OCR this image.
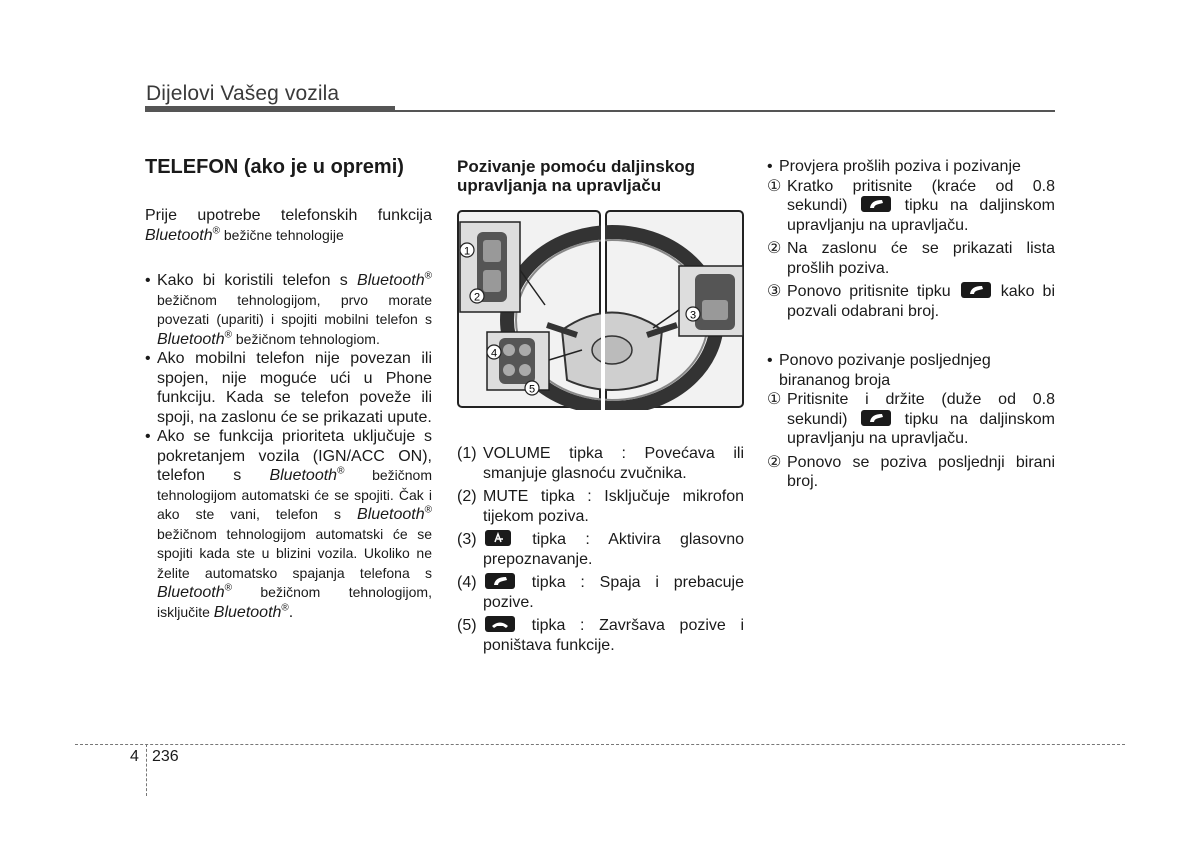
Dijelovi Vašeg vozila
TELEFON (ako je u opremi)
Prije upotrebe telefonskih funkcija Bluetooth® bežične tehnologije
• Kako bi koristili telefon s Bluetooth® bežičnom tehnologijom, prvo morate povezati (upariti) i spojiti mobilni telefon s Bluetooth® bežičnom tehnologiom.
• Ako mobilni telefon nije povezan ili spojen, nije moguće ući u Phone funkciju. Kada se telefon poveže ili spoji, na zaslonu će se prikazati upute.
• Ako se funkcija prioriteta uključuje s pokretanjem vozila (IGN/ACC ON), telefon s Bluetooth® bežičnom tehnologijom automatski će se spojiti. Čak i ako ste vani, telefon s Bluetooth® bežičnom tehnologijom automatski će se spojiti kada ste u blizini vozila. Ukoliko ne želite automatsko spajanja telefona s Bluetooth® bežičnom tehnologijom, isključite Bluetooth®.
Pozivanje pomoću daljinskog upravljanja na upravljaču
1
2
3
4
5
(1) VOLUME tipka : Povećava ili smanjuje glasnoću zvučnika.
(2) MUTE tipka : Isključuje mikrofon tijekom poziva.
(3) tipka : Aktivira glasovno prepoznavanje.
(4)	tipka : Spaja i prebacuje pozive.
(5)	tipka : Završava pozive i poništava funkcije.

• Provjera prošlih poziva i pozivanje

① Kratko pritisnite (kraće od 0.8 sekundi)
tipku na daljinskom upravljanju na upravljaču.
② Na zaslonu će se prikazati lista prošlih poziva.
③ Ponovo pritisnite tipku
kako bi pozvali odabrani broj.

• Ponovo pozivanje posljednjeg birananog broja

① Pritisnite i držite (duže od 0.8 sekundi)
tipku na daljinskom upravljanju na upravljaču.
② Ponovo se poziva posljednji birani broj.
4 236
